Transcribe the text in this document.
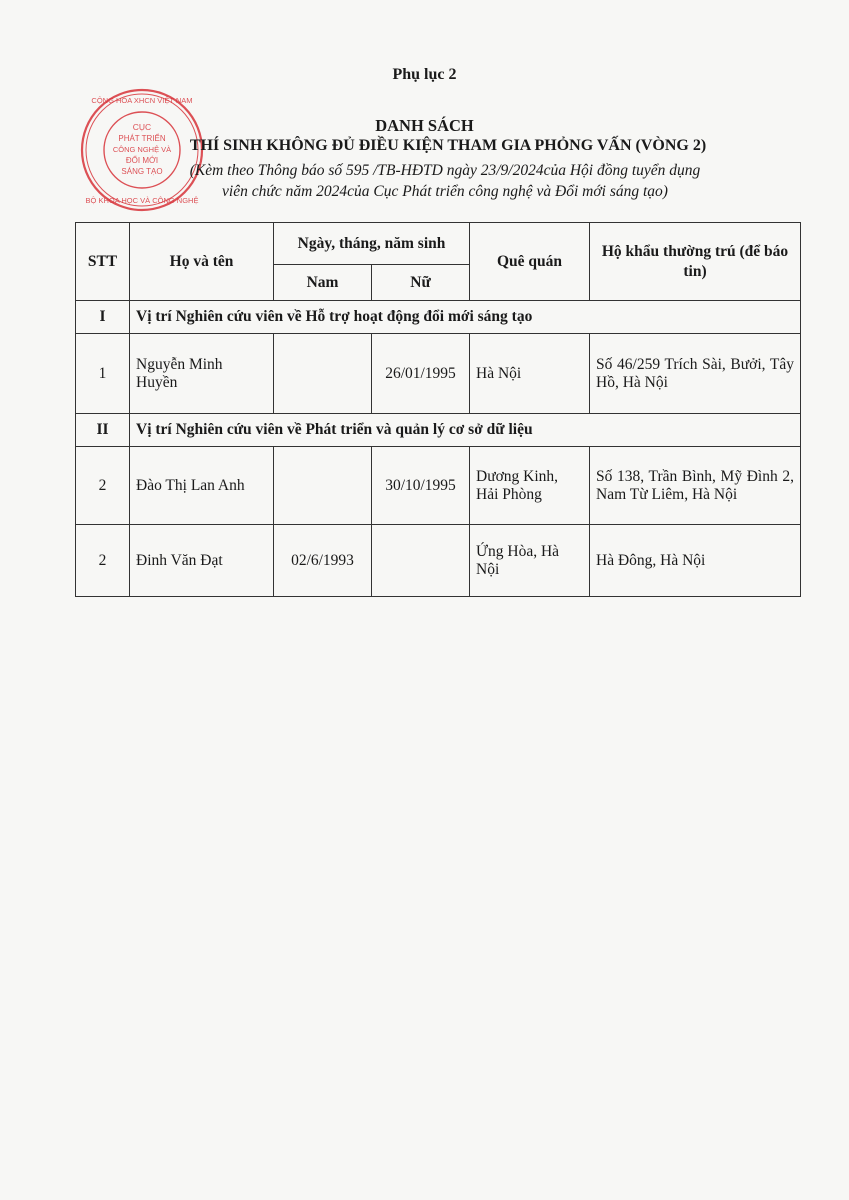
Phụ lục 2
CỘNG HÒA XHCN VIỆT NAM
BỘ KHOA HỌC VÀ CÔNG NGHỆ
CỤC
PHÁT TRIỂN
CÔNG NGHỆ VÀ
ĐỔI MỚI
SÁNG TẠO
DANH SÁCH
THÍ SINH KHÔNG ĐỦ ĐIỀU KIỆN THAM GIA PHỎNG VẤN (VÒNG 2)
(Kèm theo Thông báo số 595 /TB-HĐTD ngày 23/9/2024của Hội đồng tuyển dụng
viên chức năm 2024của Cục Phát triển công nghệ và Đổi mới sáng tạo)
STT	Họ và tên	Ngày, tháng, năm sinh		Quê quán	Hộ khẩu thường trú (để báo tin)
		Nam	Nữ		
I	Vị trí Nghiên cứu viên về Hỗ trợ hoạt động đổi mới sáng tạo				
1	Nguyễn Minh Huyền		26/01/1995	Hà Nội	Số 46/259 Trích Sài, Bưởi, Tây Hồ, Hà Nội
II	Vị trí Nghiên cứu viên về Phát triển và quản lý cơ sở dữ liệu				
2	Đào Thị Lan Anh		30/10/1995	Dương Kinh, Hải Phòng	Số 138, Trần Bình, Mỹ Đình 2, Nam Từ Liêm, Hà Nội
2	Đinh Văn Đạt	02/6/1993		Ứng Hòa, Hà Nội	Hà Đông, Hà Nội
